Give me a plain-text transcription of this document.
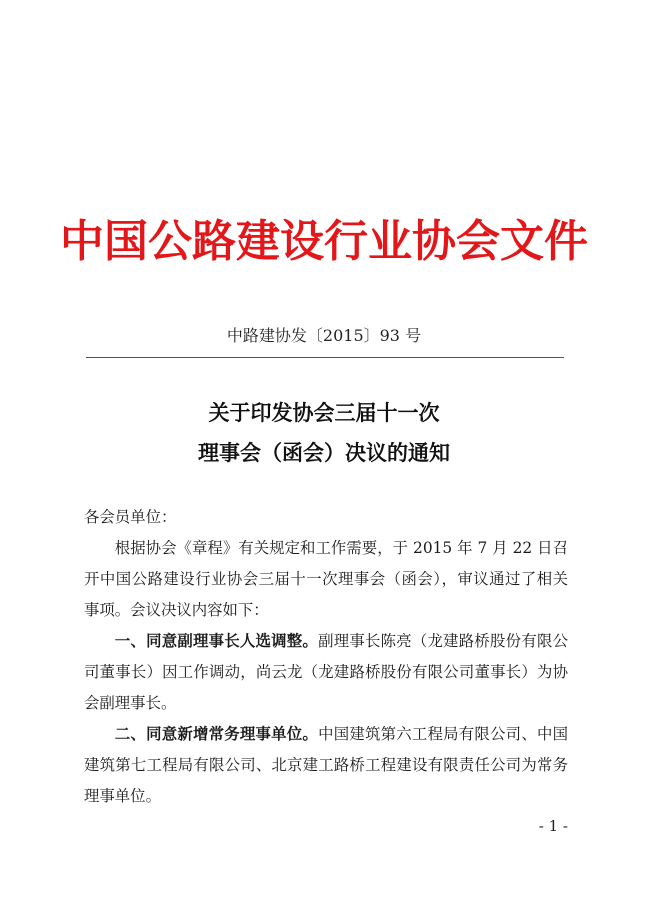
中国公路建设行业协会文件
中路建协发〔2015〕93 号
关于印发协会三届十一次
理事会（函会）决议的通知

各会员单位：

根据协会《章程》有关规定和工作需要，于 2015 年 7 月 22 日召开中国公路建设行业协会三届十一次理事会（函会），审议通过了相关事项。会议决议内容如下：

一、同意副理事长人选调整。副理事长陈亮（龙建路桥股份有限公司董事长）因工作调动，尚云龙（龙建路桥股份有限公司董事长）为协会副理事长。

二、同意新增常务理事单位。中国建筑第六工程局有限公司、中国建筑第七工程局有限公司、北京建工路桥工程建设有限责任公司为常务理事单位。

- 1 -
